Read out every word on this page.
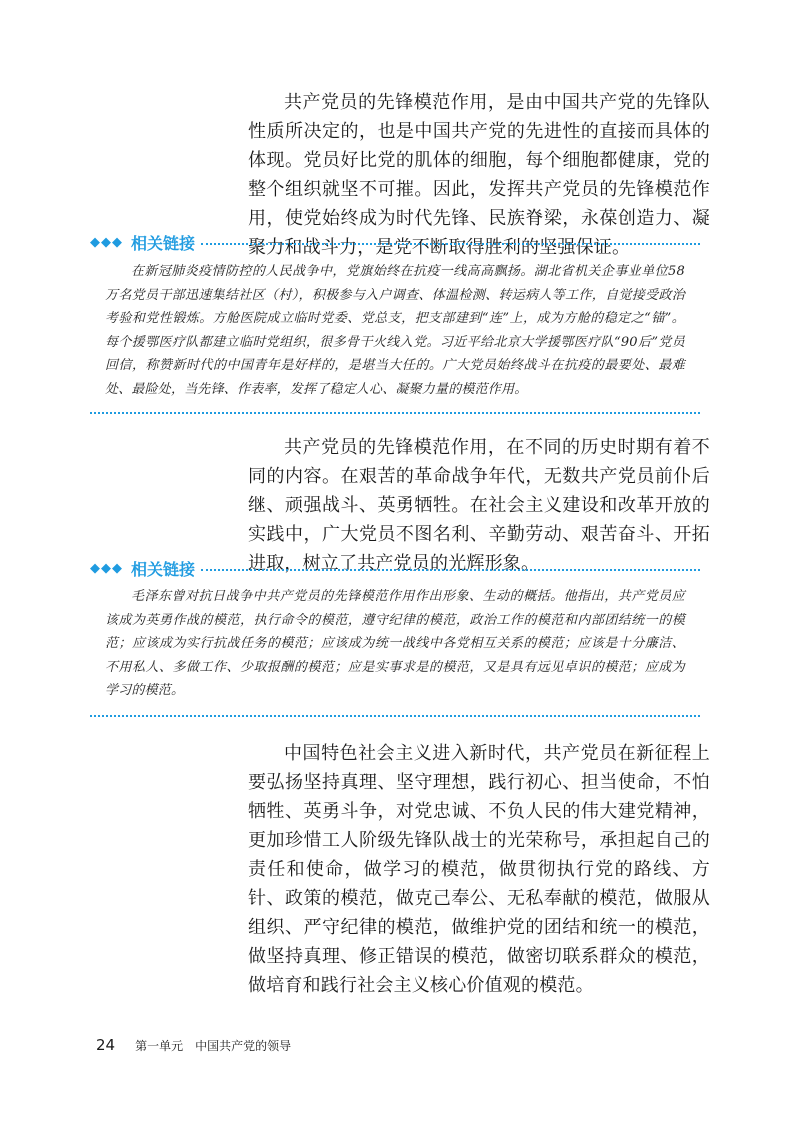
共产党员的先锋模范作用，是由中国共产党的先锋队性质所决定的，也是中国共产党的先进性的直接而具体的体现。党员好比党的肌体的细胞，每个细胞都健康，党的整个组织就坚不可摧。因此，发挥共产党员的先锋模范作用，使党始终成为时代先锋、民族脊梁，永葆创造力、凝聚力和战斗力，是党不断取得胜利的坚强保证。

◆◆◆ 相关链接

在新冠肺炎疫情防控的人民战争中，党旗始终在抗疫一线高高飘扬。湖北省机关企事业单位58万名党员干部迅速集结社区（村），积极参与入户调查、体温检测、转运病人等工作，自觉接受政治考验和党性锻炼。方舱医院成立临时党委、党总支，把支部建到“连”上，成为方舱的稳定之“锚”。每个援鄂医疗队都建立临时党组织，很多骨干火线入党。习近平给北京大学援鄂医疗队“90后”党员回信，称赞新时代的中国青年是好样的，是堪当大任的。广大党员始终战斗在抗疫的最要处、最难处、最险处，当先锋、作表率，发挥了稳定人心、凝聚力量的模范作用。

共产党员的先锋模范作用，在不同的历史时期有着不同的内容。在艰苦的革命战争年代，无数共产党员前仆后继、顽强战斗、英勇牺牲。在社会主义建设和改革开放的实践中，广大党员不图名利、辛勤劳动、艰苦奋斗、开拓进取，树立了共产党员的光辉形象。

◆◆◆ 相关链接

毛泽东曾对抗日战争中共产党员的先锋模范作用作出形象、生动的概括。他指出，共产党员应该成为英勇作战的模范，执行命令的模范，遵守纪律的模范，政治工作的模范和内部团结统一的模范；应该成为实行抗战任务的模范；应该成为统一战线中各党相互关系的模范；应该是十分廉洁、不用私人、多做工作、少取报酬的模范；应是实事求是的模范，又是具有远见卓识的模范；应成为学习的模范。

中国特色社会主义进入新时代，共产党员在新征程上要弘扬坚持真理、坚守理想，践行初心、担当使命，不怕牺牲、英勇斗争，对党忠诚、不负人民的伟大建党精神，更加珍惜工人阶级先锋队战士的光荣称号，承担起自己的责任和使命，做学习的模范，做贯彻执行党的路线、方针、政策的模范，做克己奉公、无私奉献的模范，做服从组织、严守纪律的模范，做维护党的团结和统一的模范，做坚持真理、修正错误的模范，做密切联系群众的模范，做培育和践行社会主义核心价值观的模范。

24 第一单元 中国共产党的领导
